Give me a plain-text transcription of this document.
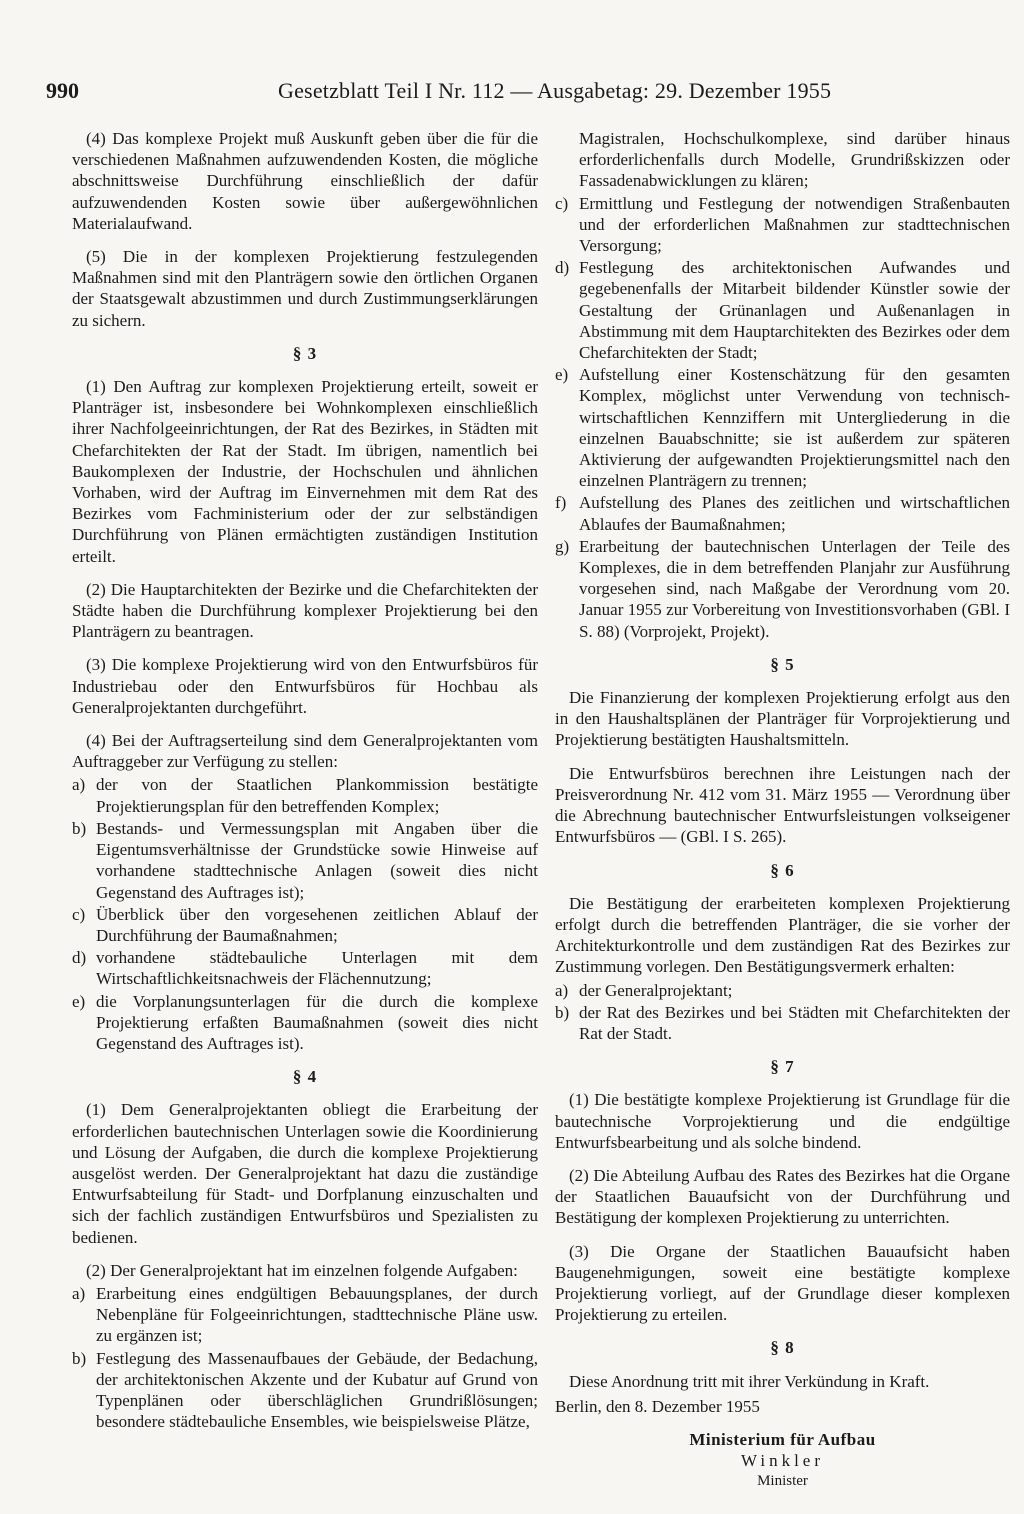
990	Gesetzblatt Teil I Nr. 112 — Ausgabetag: 29. Dezember 1955

(4) Das komplexe Projekt muß Auskunft geben über die für die verschiedenen Maßnahmen aufzuwendenden Kosten, die mögliche abschnittsweise Durchführung einschließlich der dafür aufzuwendenden Kosten sowie über außergewöhnlichen Materialaufwand.

(5) Die in der komplexen Projektierung festzulegenden Maßnahmen sind mit den Planträgern sowie den örtlichen Organen der Staatsgewalt abzustimmen und durch Zustimmungserklärungen zu sichern.

§ 3

(1) Den Auftrag zur komplexen Projektierung erteilt, soweit er Planträger ist, insbesondere bei Wohnkomplexen einschließlich ihrer Nachfolgeeinrichtungen, der Rat des Bezirkes, in Städten mit Chefarchitekten der Rat der Stadt. Im übrigen, namentlich bei Baukomplexen der Industrie, der Hochschulen und ähnlichen Vorhaben, wird der Auftrag im Einvernehmen mit dem Rat des Bezirkes vom Fachministerium oder der zur selbständigen Durchführung von Plänen ermächtigten zuständigen Institution erteilt.

(2) Die Hauptarchitekten der Bezirke und die Chefarchitekten der Städte haben die Durchführung komplexer Projektierung bei den Planträgern zu beantragen.

(3) Die komplexe Projektierung wird von den Entwurfsbüros für Industriebau oder den Entwurfsbüros für Hochbau als Generalprojektanten durchgeführt.

(4) Bei der Auftragserteilung sind dem Generalprojektanten vom Auftraggeber zur Verfügung zu stellen:

a) der von der Staatlichen Plankommission bestätigte Projektierungsplan für den betreffenden Komplex;
b) Bestands- und Vermessungsplan mit Angaben über die Eigentumsverhältnisse der Grundstücke sowie Hinweise auf vorhandene stadttechnische Anlagen (soweit dies nicht Gegenstand des Auftrages ist);
c) Überblick über den vorgesehenen zeitlichen Ablauf der Durchführung der Baumaßnahmen;
d) vorhandene städtebauliche Unterlagen mit dem Wirtschaftlichkeitsnachweis der Flächennutzung;
e) die Vorplanungsunterlagen für die durch die komplexe Projektierung erfaßten Baumaßnahmen (soweit dies nicht Gegenstand des Auftrages ist).

§ 4

(1) Dem Generalprojektanten obliegt die Erarbeitung der erforderlichen bautechnischen Unterlagen sowie die Koordinierung und Lösung der Aufgaben, die durch die komplexe Projektierung ausgelöst werden. Der Generalprojektant hat dazu die zuständige Entwurfsabteilung für Stadt- und Dorfplanung einzuschalten und sich der fachlich zuständigen Entwurfsbüros und Spezialisten zu bedienen.

(2) Der Generalprojektant hat im einzelnen folgende Aufgaben:

a) Erarbeitung eines endgültigen Bebauungsplanes, der durch Nebenpläne für Folgeeinrichtungen, stadttechnische Pläne usw. zu ergänzen ist;
b) Festlegung des Massenaufbaues der Gebäude, der Bedachung, der architektonischen Akzente und der Kubatur auf Grund von Typenplänen oder überschläglichen Grundrißlösungen; besondere städtebauliche Ensembles, wie beispielsweise Plätze,
Magistralen, Hochschulkomplexe, sind darüber hinaus erforderlichenfalls durch Modelle, Grundrißskizzen oder Fassadenabwicklungen zu klären;
c) Ermittlung und Festlegung der notwendigen Straßenbauten und der erforderlichen Maßnahmen zur stadttechnischen Versorgung;
d) Festlegung des architektonischen Aufwandes und gegebenenfalls der Mitarbeit bildender Künstler sowie der Gestaltung der Grünanlagen und Außenanlagen in Abstimmung mit dem Hauptarchitekten des Bezirkes oder dem Chefarchitekten der Stadt;
e) Aufstellung einer Kostenschätzung für den gesamten Komplex, möglichst unter Verwendung von technisch-wirtschaftlichen Kennziffern mit Untergliederung in die einzelnen Bauabschnitte; sie ist außerdem zur späteren Aktivierung der aufgewandten Projektierungsmittel nach den einzelnen Planträgern zu trennen;
f) Aufstellung des Planes des zeitlichen und wirtschaftlichen Ablaufes der Baumaßnahmen;
g) Erarbeitung der bautechnischen Unterlagen der Teile des Komplexes, die in dem betreffenden Planjahr zur Ausführung vorgesehen sind, nach Maßgabe der Verordnung vom 20. Januar 1955 zur Vorbereitung von Investitionsvorhaben (GBl. I S. 88) (Vorprojekt, Projekt).

§ 5

Die Finanzierung der komplexen Projektierung erfolgt aus den in den Haushaltsplänen der Planträger für Vorprojektierung und Projektierung bestätigten Haushaltsmitteln.

Die Entwurfsbüros berechnen ihre Leistungen nach der Preisverordnung Nr. 412 vom 31. März 1955 — Verordnung über die Abrechnung bautechnischer Entwurfsleistungen volkseigener Entwurfsbüros — (GBl. I S. 265).

§ 6

Die Bestätigung der erarbeiteten komplexen Projektierung erfolgt durch die betreffenden Planträger, die sie vorher der Architekturkontrolle und dem zuständigen Rat des Bezirkes zur Zustimmung vorlegen. Den Bestätigungsvermerk erhalten:

a) der Generalprojektant;
b) der Rat des Bezirkes und bei Städten mit Chefarchitekten der Rat der Stadt.

§ 7

(1) Die bestätigte komplexe Projektierung ist Grundlage für die bautechnische Vorprojektierung und die endgültige Entwurfsbearbeitung und als solche bindend.

(2) Die Abteilung Aufbau des Rates des Bezirkes hat die Organe der Staatlichen Bauaufsicht von der Durchführung und Bestätigung der komplexen Projektierung zu unterrichten.

(3) Die Organe der Staatlichen Bauaufsicht haben Baugenehmigungen, soweit eine bestätigte komplexe Projektierung vorliegt, auf der Grundlage dieser komplexen Projektierung zu erteilen.

§ 8

Diese Anordnung tritt mit ihrer Verkündung in Kraft.

Berlin, den 8. Dezember 1955

Ministerium für Aufbau

Winkler

Minister
